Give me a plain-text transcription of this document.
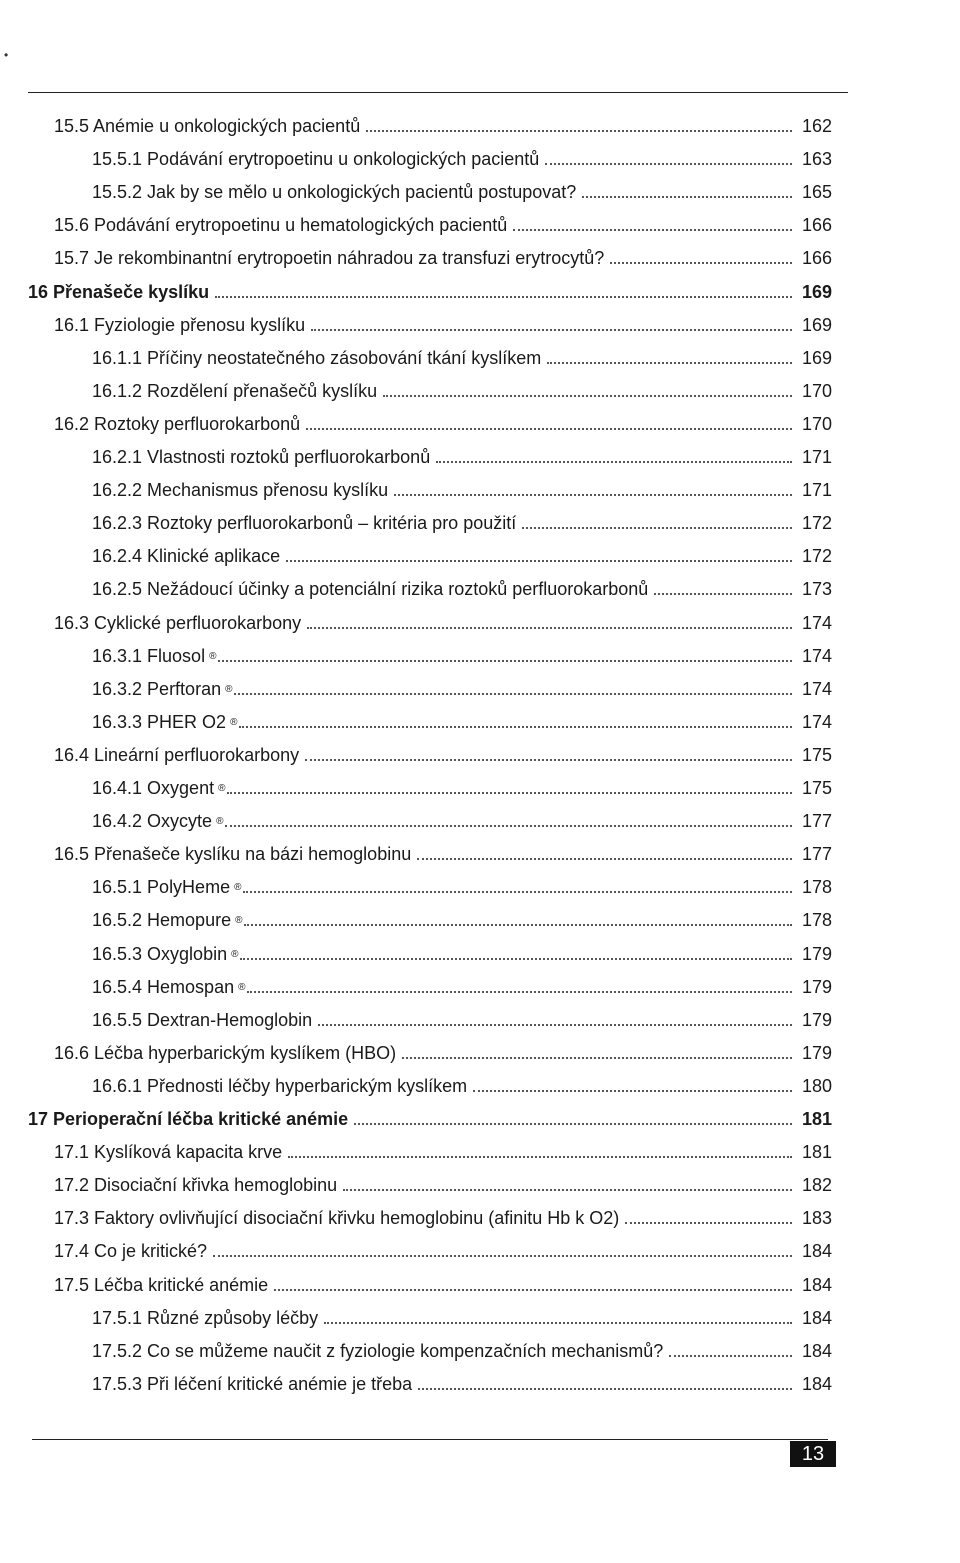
•
15.5 Anémie u onkologických pacientů	162
15.5.1 Podávání erytropoetinu u onkologických pacientů	163
15.5.2 Jak by se mělo u onkologických pacientů postupovat?	165
15.6 Podávání erytropoetinu u hematologických pacientů	166
15.7 Je rekombinantní erytropoetin náhradou za transfuzi erytrocytů?	166
16 Přenašeče kyslíku	169
16.1 Fyziologie přenosu kyslíku	169
16.1.1 Příčiny neostatečného zásobování tkání kyslíkem	169
16.1.2 Rozdělení přenašečů kyslíku	170
16.2 Roztoky perfluorokarbonů	170
16.2.1 Vlastnosti roztoků perfluorokarbonů	171
16.2.2 Mechanismus přenosu kyslíku	171
16.2.3 Roztoky perfluorokarbonů – kritéria pro použití	172
16.2.4 Klinické aplikace	172
16.2.5 Nežádoucí účinky a potenciální rizika roztoků perfluorokarbonů	173
16.3 Cyklické perfluorokarbony	174
16.3.1 Fluosol ®	174
16.3.2 Perftoran ®	174
16.3.3 PHER O2 ®	174
16.4 Lineární perfluorokarbony	175
16.4.1 Oxygent ®	175
16.4.2 Oxycyte ®	177
16.5 Přenašeče kyslíku na bázi hemoglobinu	177
16.5.1 PolyHeme ®	178
16.5.2 Hemopure ®	178
16.5.3 Oxyglobin ®	179
16.5.4 Hemospan ®	179
16.5.5 Dextran-Hemoglobin	179
16.6 Léčba hyperbarickým kyslíkem (HBO)	179
16.6.1 Přednosti léčby hyperbarickým kyslíkem	180
17 Perioperační léčba kritické anémie	181
17.1 Kyslíková kapacita krve	181
17.2 Disociační křivka hemoglobinu	182
17.3 Faktory ovlivňující disociační křivku hemoglobinu (afinitu Hb k O2)	183
17.4 Co je kritické?	184
17.5 Léčba kritické anémie	184
17.5.1 Různé způsoby léčby	184
17.5.2 Co se můžeme naučit z fyziologie kompenzačních mechanismů?	184
17.5.3 Při léčení kritické anémie je třeba	184
13
